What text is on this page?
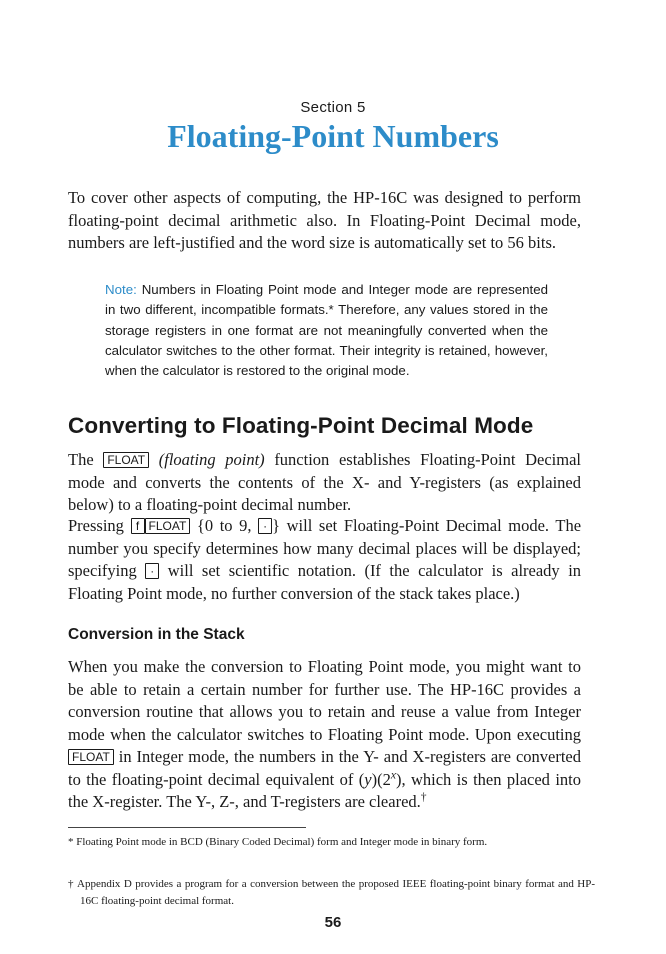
Section 5
Floating-Point Numbers

To cover other aspects of computing, the HP-16C was designed to perform floating-point decimal arithmetic also. In Floating-Point Decimal mode, numbers are left-justified and the word size is automatically set to 56 bits.

Note: Numbers in Floating Point mode and Integer mode are represented in two different, incompatible formats.* Therefore, any values stored in the storage registers in one format are not meaningfully converted when the calculator switches to the other format. Their integrity is retained, however, when the calculator is restored to the original mode.

Converting to Floating-Point Decimal Mode

The FLOAT (floating point) function establishes Floating-Point Decimal mode and converts the contents of the X- and Y-registers (as explained below) to a floating-point decimal number.

Pressing f FLOAT {0 to 9, · } will set Floating-Point Decimal mode. The number you specify determines how many decimal places will be displayed; specifying · will set scientific notation. (If the calculator is already in Floating Point mode, no further conversion of the stack takes place.)

Conversion in the Stack

When you make the conversion to Floating Point mode, you might want to be able to retain a certain number for further use. The HP-16C provides a conversion routine that allows you to retain and reuse a value from Integer mode when the calculator switches to Floating Point mode. Upon executing FLOAT in Integer mode, the numbers in the Y- and X-registers are converted to the floating-point decimal equivalent of (y)(2$^x$), which is then placed into the X-register. The Y-, Z-, and T-registers are cleared.†

* Floating Point mode in BCD (Binary Coded Decimal) form and Integer mode in binary form.

† Appendix D provides a program for a conversion between the proposed IEEE floating-point binary format and HP-16C floating-point decimal format.

56
